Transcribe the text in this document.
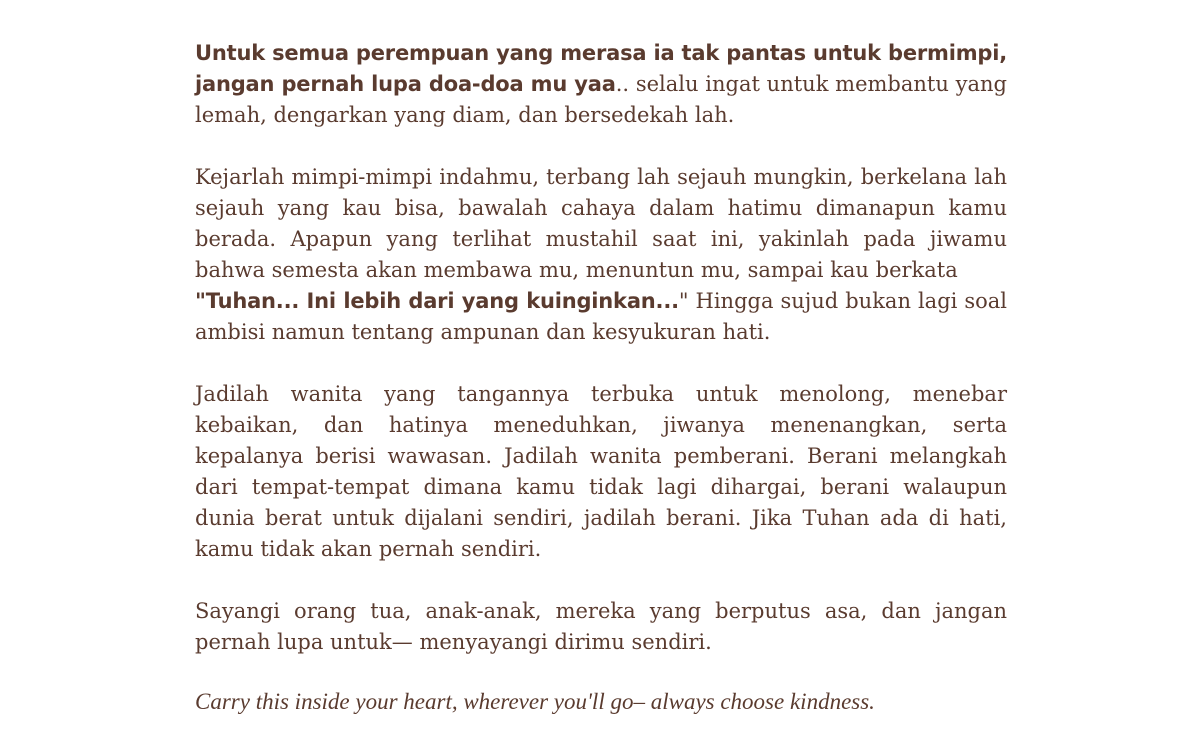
Untuk semua perempuan yang merasa ia tak pantas untuk bermimpi, jangan pernah lupa doa-doa mu yaa.. selalu ingat untuk membantu yang lemah, dengarkan yang diam, dan bersedekah lah.

Kejarlah mimpi-mimpi indahmu, terbang lah sejauh mungkin, berkelana lah sejauh yang kau bisa, bawalah cahaya dalam hatimu dimanapun kamu berada. Apapun yang terlihat mustahil saat ini, yakinlah pada jiwamu bahwa semesta akan membawa mu, menuntun mu, sampai kau berkata
"Tuhan... Ini lebih dari yang kuinginkan..." Hingga sujud bukan lagi soal ambisi namun tentang ampunan dan kesyukuran hati.

Jadilah wanita yang tangannya terbuka untuk menolong, menebar kebaikan, dan hatinya meneduhkan, jiwanya menenangkan, serta kepalanya berisi wawasan. Jadilah wanita pemberani. Berani melangkah dari tempat-tempat dimana kamu tidak lagi dihargai, berani walaupun dunia berat untuk dijalani sendiri, jadilah berani. Jika Tuhan ada di hati, kamu tidak akan pernah sendiri.

Sayangi orang tua, anak-anak, mereka yang berputus asa, dan jangan pernah lupa untuk— menyayangi dirimu sendiri.

Carry this inside your heart, wherever you'll go– always choose kindness.
